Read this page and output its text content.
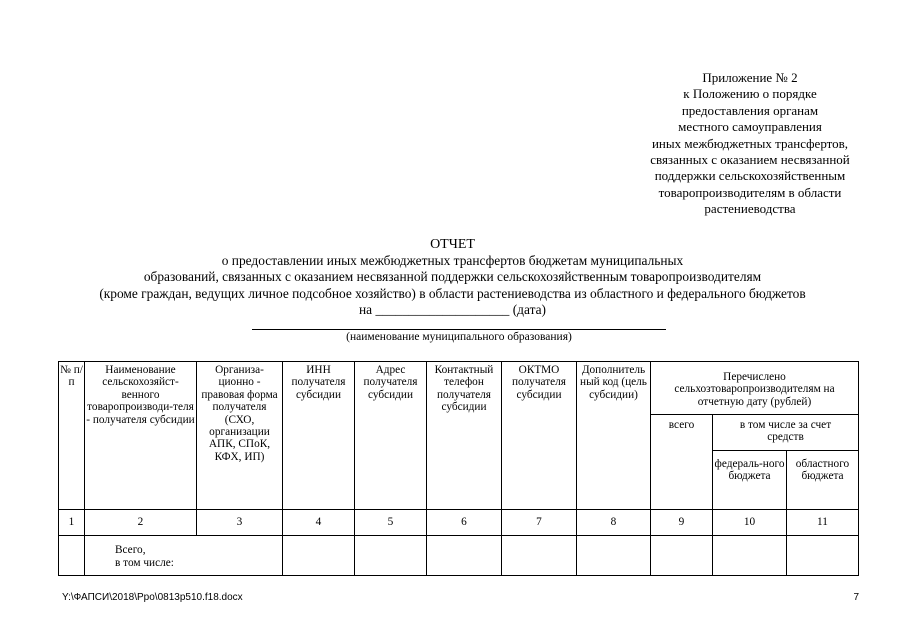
Приложение № 2
к Положению о порядке
предоставления органам
местного самоуправления
иных межбюджетных трансфертов,
связанных с оказанием несвязанной
поддержки сельскохозяйственным
товаропроизводителям в области
растениеводства
ОТЧЕТ
о предоставлении иных межбюджетных трансфертов бюджетам муниципальных
образований, связанных с оказанием несвязанной поддержки сельскохозяйственным товаропроизводителям
(кроме граждан, ведущих личное подсобное хозяйство) в области растениеводства из областного и федерального бюджетов
на ____________________ (дата)
(наименование муниципального образования)
№ п/п	Наименование сельскохозяйст-венного товаропроизводи-теля - получателя субсидии	Организа-ционно - правовая форма получателя (СХО, организации АПК, СПоК, КФХ, ИП)	ИНН получателя субсидии	Адрес получателя субсидии	Контактный телефон получателя субсидии	ОКТМО получателя субсидии	Дополнитель ный код (цель субсидии)	Перечислено сельхозтоваропроизводителям на отчетную дату (рублей)		
								всего	в том числе за счет средств	
									федераль-ного бюджета	областного бюджета
1	2	3	4	5	6	7	8	9	10	11

	Всего,
в том числе:									

Y:\ФАПСИ\2018\Ppo\0813p510.f18.docx	7
